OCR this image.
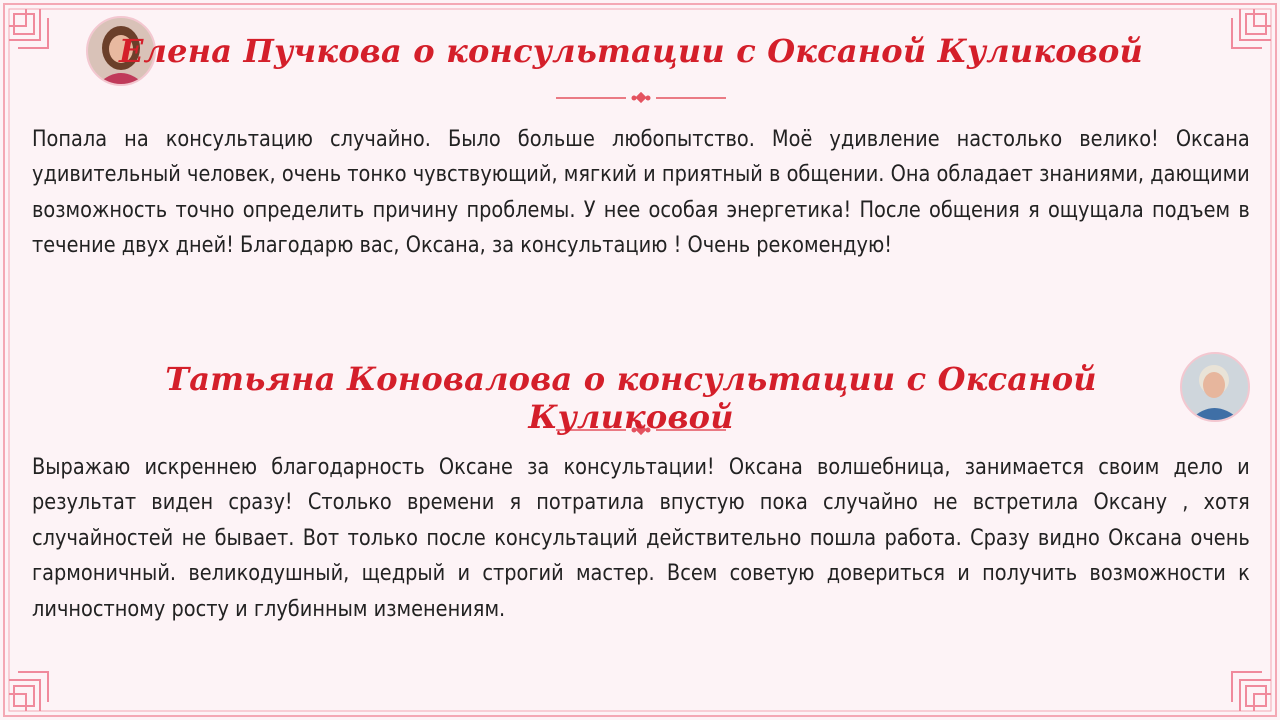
Елена Пучкова о консультации с Оксаной Куликовой

Попала на консультацию случайно. Было больше любопытство. Моё удивление настолько велико! Оксана удивительный человек, очень тонко чувствующий, мягкий и приятный в общении. Она обладает знаниями, дающими возможность точно определить причину проблемы. У нее особая энергетика! После общения я ощущала подъем в течение двух дней! Благодарю вас, Оксана, за консультацию ! Очень рекомендую!

Татьяна Коновалова о консультации с Оксаной Куликовой

Выражаю искреннею благодарность Оксане за консультации! Оксана волшебница, занимается своим дело и результат виден сразу! Столько времени я потратила впустую пока случайно не встретила Оксану , хотя случайностей не бывает. Вот только после консультаций действительно пошла работа. Сразу видно Оксана очень гармоничный. великодушный, щедрый и строгий мастер. Всем советую довериться и получить возможности к личностному росту и глубинным изменениям.
